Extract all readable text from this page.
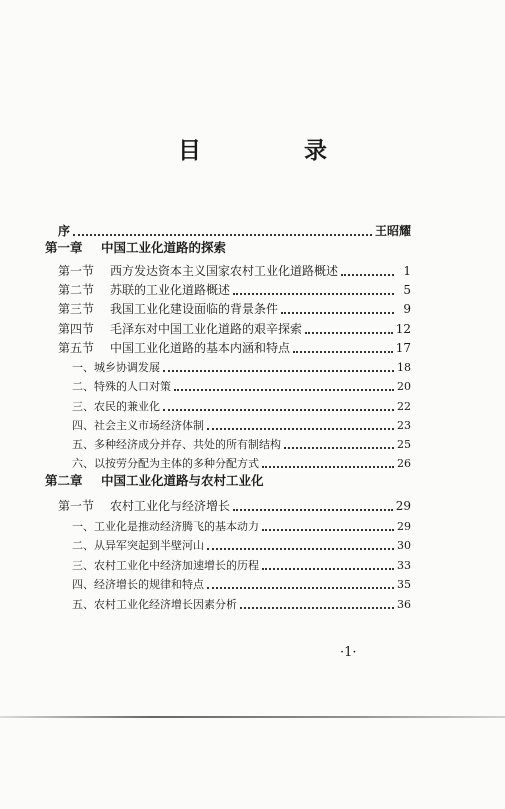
目　录
序	王昭耀
第一章	中国工业化道路的探索
第一节	西方发达资本主义国家农村工业化道路概述	1
第二节	苏联的工业化道路概述	5
第三节	我国工业化建设面临的背景条件	9
第四节	毛泽东对中国工业化道路的艰辛探索	12
第五节	中国工业化道路的基本内涵和特点	17
一、城乡协调发展	18
二、特殊的人口对策	20
三、农民的兼业化	22
四、社会主义市场经济体制	23
五、多种经济成分并存、共处的所有制结构	25
六、以按劳分配为主体的多种分配方式	26
第二章	中国工业化道路与农村工业化
第一节	农村工业化与经济增长	29
一、工业化是推动经济腾飞的基本动力	29
二、从异军突起到半壁河山	30
三、农村工业化中经济加速增长的历程	33
四、经济增长的规律和特点	35
五、农村工业化经济增长因素分析	36
·1·
